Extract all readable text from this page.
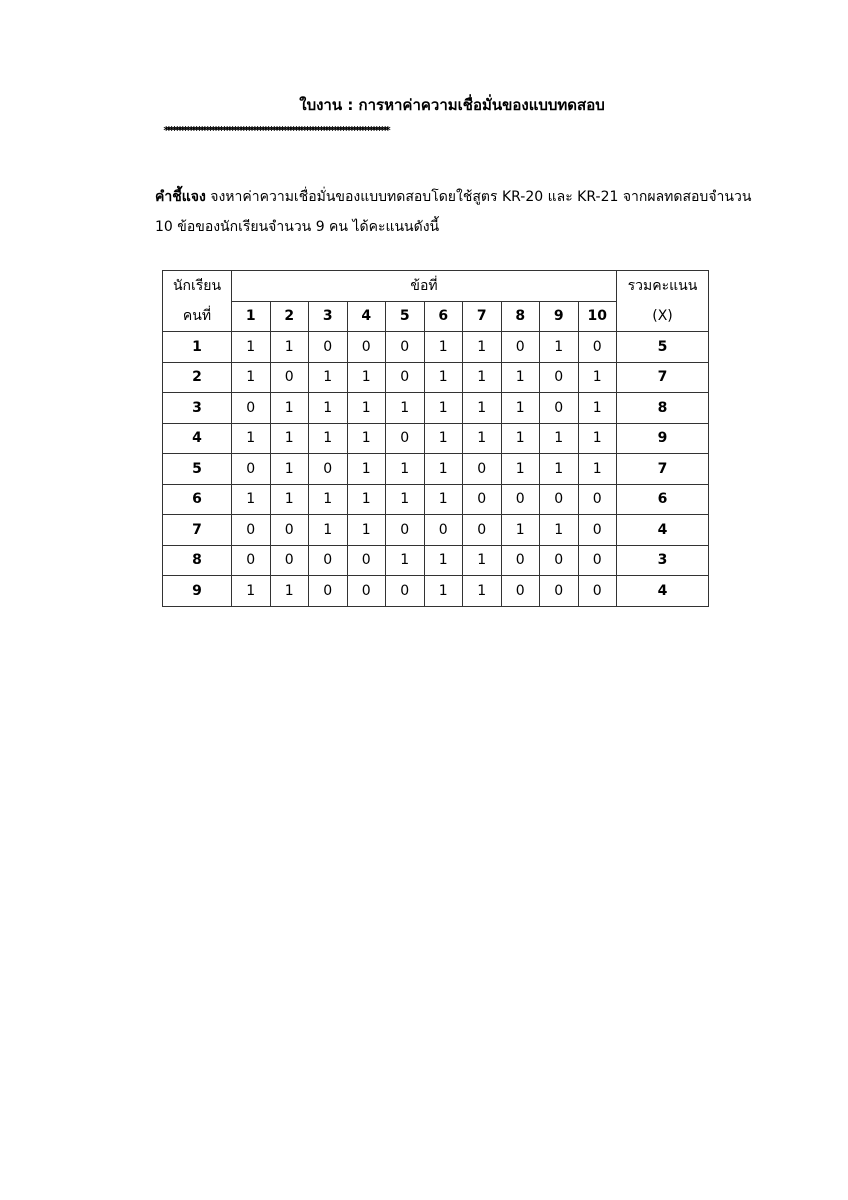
ใบงาน : การหาค่าความเชื่อมั่นของแบบทดสอบ
*********************************************************************************
คำชี้แจง จงหาค่าความเชื่อมั่นของแบบทดสอบโดยใช้สูตร KR-20 และ KR-21 จากผลทดสอบจำนวน
10 ข้อของนักเรียนจำนวน 9 คน ได้คะแนนดังนี้
นักเรียน	ข้อที่										รวมคะแนน
คนที่	1	2	3	4	5	6	7	8	9	10	(X)
1	1	1	0	0	0	1	1	0	1	0	5
2	1	0	1	1	0	1	1	1	0	1	7
3	0	1	1	1	1	1	1	1	0	1	8
4	1	1	1	1	0	1	1	1	1	1	9
5	0	1	0	1	1	1	0	1	1	1	7
6	1	1	1	1	1	1	0	0	0	0	6
7	0	0	1	1	0	0	0	1	1	0	4
8	0	0	0	0	1	1	1	0	0	0	3
9	1	1	0	0	0	1	1	0	0	0	4
